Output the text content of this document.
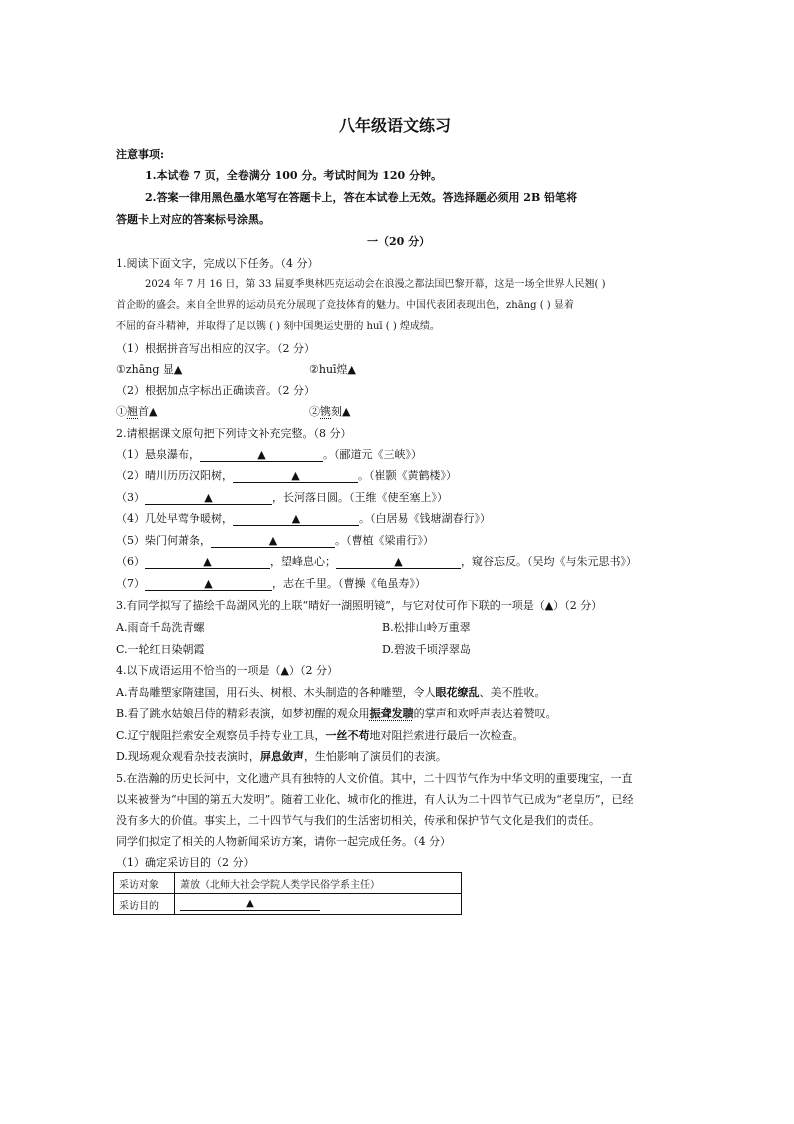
八年级语文练习
注意事项:
1.本试卷 7 页，全卷满分 100 分。考试时间为 120 分钟。
2.答案一律用黑色墨水笔写在答题卡上，答在本试卷上无效。答选择题必须用 2B 铅笔将
答题卡上对应的答案标号涂黑。
一（20 分）
1.阅读下面文字，完成以下任务。（4 分）
2024 年 7 月 16 日，第 33 届夏季奥林匹克运动会在浪漫之都法国巴黎开幕，这是一场全世界人民翘( )
首企盼的盛会。来自全世界的运动员充分展现了竞技体育的魅力。中国代表团表现出色，zhāng ( ) 显着
不屈的奋斗精神，并取得了足以镌 ( ) 刻中国奥运史册的 huī ( ) 煌成绩。
（1）根据拼音写出相应的汉字。（2 分）
①zhāng 显▲	②huī煌▲
（2）根据加点字标出正确读音。（2 分）
①翘首▲	②镌刻▲
2.请根据课文原句把下列诗文补充完整。（8 分）
（1）悬泉瀑布，	▲	。（郦道元《三峡》）
（2）晴川历历汉阳树，	▲	。（崔颢《黄鹤楼》）
（3）	▲	，长河落日圆。（王维《使至塞上》）
（4）几处早莺争暖树，	▲	。（白居易《钱塘湖春行》）
（5）柴门何萧条，	▲	。（曹植《梁甫行》）
（6）	▲	，望峰息心；	▲	，窥谷忘反。（吴均《与朱元思书》）
（7）	▲	，志在千里。（曹操《龟虽寿》）
3.有同学拟写了描绘千岛湖风光的上联“晴好一湖照明镜”，与它对仗可作下联的一项是（▲）（2 分）
A.雨奇千岛洗青螺	B.松排山岭万重翠
C.一轮红日染朝霞	D.碧波千顷浮翠岛
4.以下成语运用不恰当的一项是（▲）（2 分）
A.青岛雕塑家隋建国，用石头、树根、木头制造的各种雕塑，令人眼花缭乱、美不胜收。
B.看了跳水姑娘吕侍的精彩表演，如梦初醒的观众用振聋发聩的掌声和欢呼声表达着赞叹。
C.辽宁舰阻拦索安全观察员手持专业工具，一丝不苟地对阻拦索进行最后一次检查。
D.现场观众观看杂技表演时，屏息敛声，生怕影响了演员们的表演。
5.在浩瀚的历史长河中，文化遗产具有独特的人文价值。其中，二十四节气作为中华文明的重要瑰宝，一直
以来被誉为“中国的第五大发明”。随着工业化、城市化的推进，有人认为二十四节气已成为“老皇历”，已经
没有多大的价值。事实上，二十四节气与我们的生活密切相关，传承和保护节气文化是我们的责任。
同学们拟定了相关的人物新闻采访方案，请你一起完成任务。（4 分）
（1）确定采访目的（2 分）
采访对象	萧放（北师大社会学院人类学民俗学系主任）
采访目的	▲
